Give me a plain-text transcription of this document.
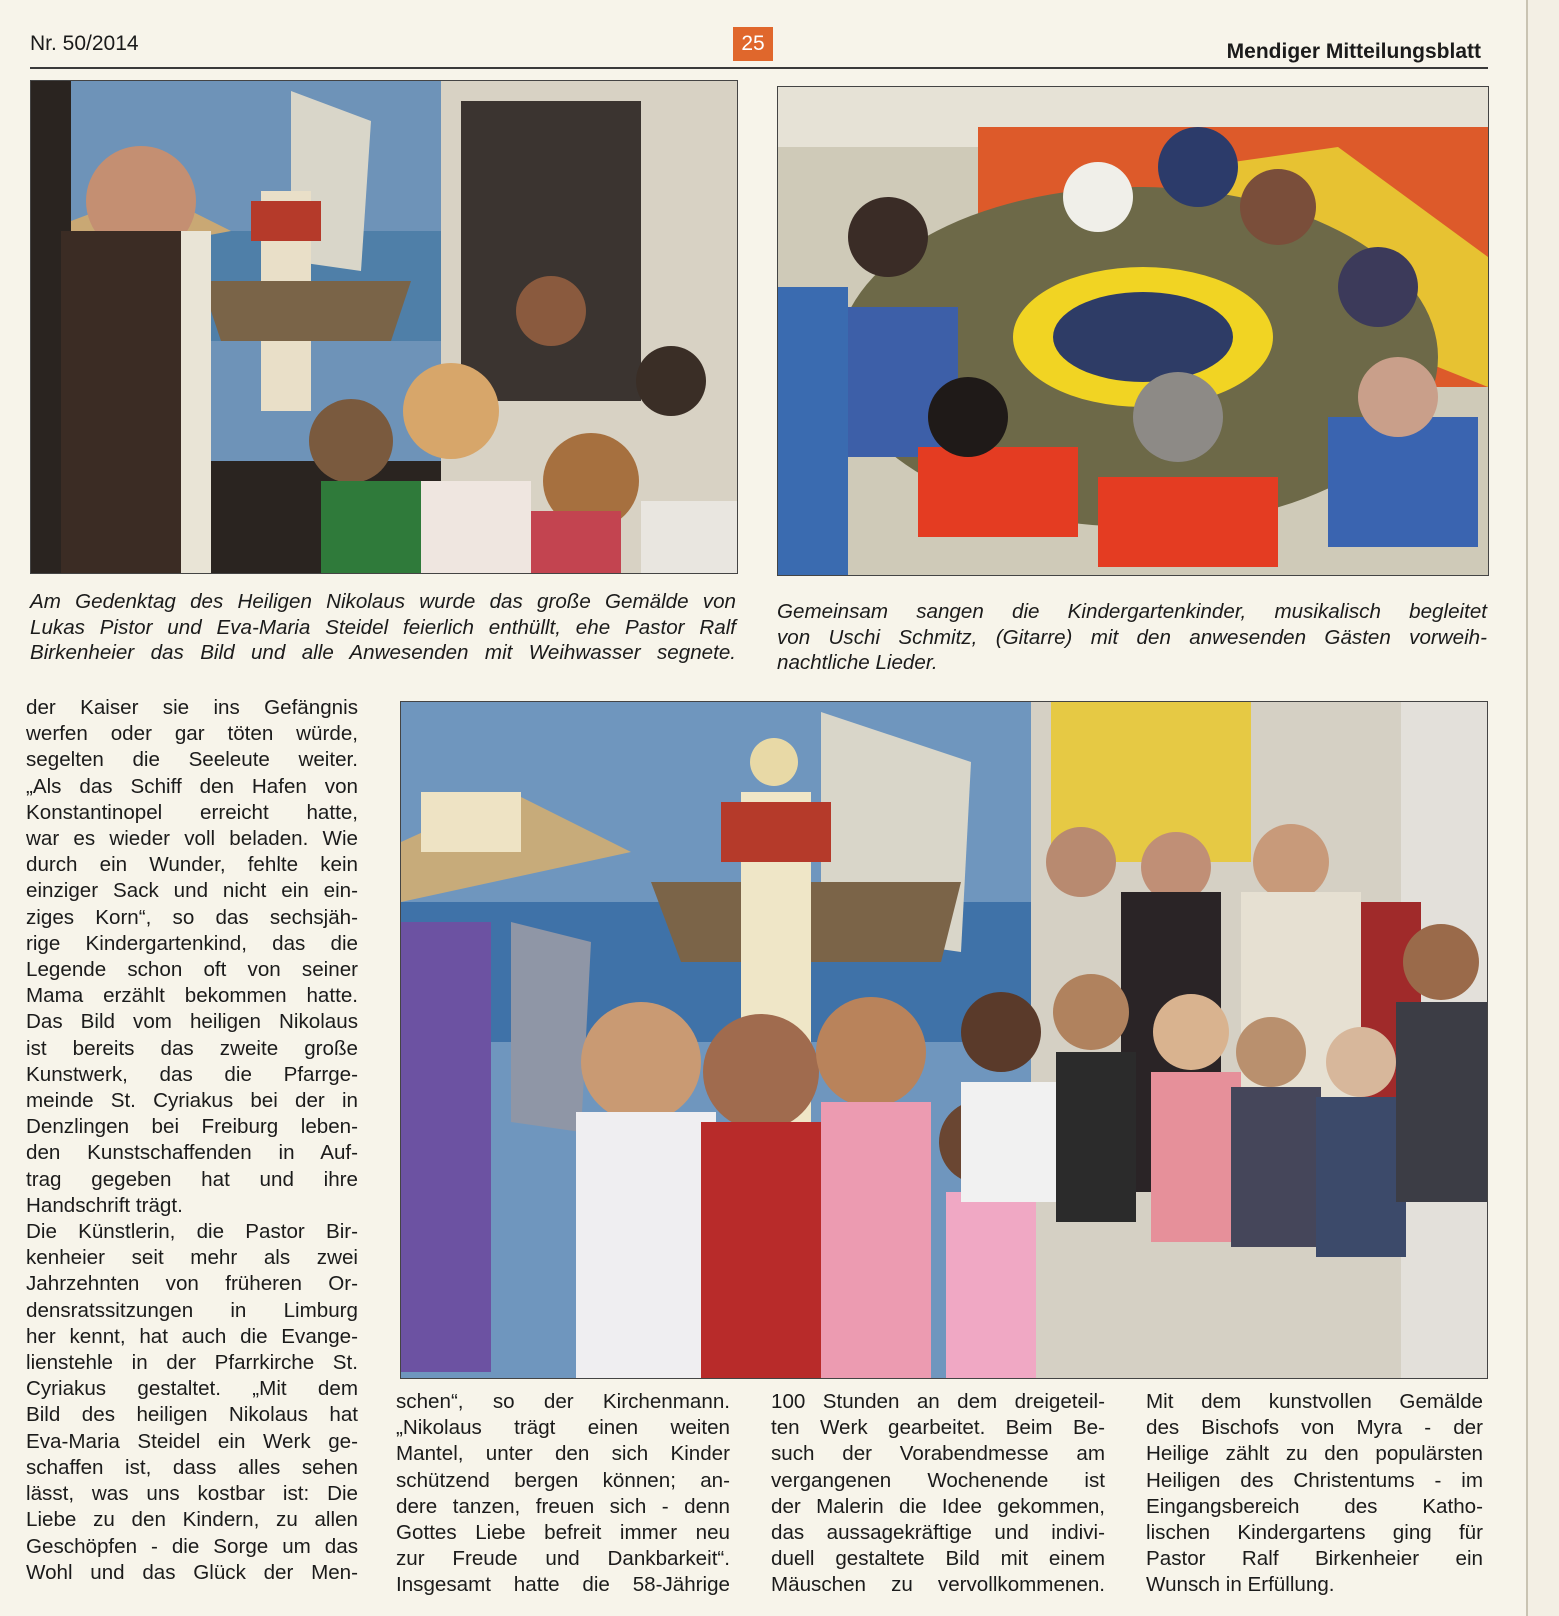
Nr. 50/2014	25	Mendiger Mitteilungsblatt
Am Gedenktag des Heiligen Nikolaus wurde das große Gemälde von
Lukas Pistor und Eva-Maria Steidel feierlich enthüllt, ehe Pastor Ralf
Birkenheier das Bild und alle Anwesenden mit Weihwasser segnete.
Gemeinsam sangen die Kindergartenkinder, musikalisch begleitet
von Uschi Schmitz, (Gitarre) mit den anwesenden Gästen vorweih-
nachtliche Lieder.
der Kaiser sie ins Gefängnis
werfen oder gar töten würde,
segelten die Seeleute weiter.
„Als das Schiff den Hafen von
Konstantinopel erreicht hatte,
war es wieder voll beladen. Wie
durch ein Wunder, fehlte kein
einziger Sack und nicht ein ein-
ziges Korn“, so das sechsjäh-
rige Kindergartenkind, das die
Legende schon oft von seiner
Mama erzählt bekommen hatte.
Das Bild vom heiligen Nikolaus
ist bereits das zweite große
Kunstwerk, das die Pfarrge-
meinde St. Cyriakus bei der in
Denzlingen bei Freiburg leben-
den Kunstschaffenden in Auf-
trag gegeben hat und ihre
Handschrift trägt.
Die Künstlerin, die Pastor Bir-
kenheier seit mehr als zwei
Jahrzehnten von früheren Or-
densratssitzungen in Limburg
her kennt, hat auch die Evange-
lienstehle in der Pfarrkirche St.
Cyriakus gestaltet. „Mit dem
Bild des heiligen Nikolaus hat
Eva-Maria Steidel ein Werk ge-
schaffen ist, dass alles sehen
lässt, was uns kostbar ist: Die
Liebe zu den Kindern, zu allen
Geschöpfen - die Sorge um das
Wohl und das Glück der Men-
schen“, so der Kirchenmann.
„Nikolaus trägt einen weiten
Mantel, unter den sich Kinder
schützend bergen können; an-
dere tanzen, freuen sich - denn
Gottes Liebe befreit immer neu
zur Freude und Dankbarkeit“.
Insgesamt hatte die 58-Jährige
100 Stunden an dem dreigeteil-
ten Werk gearbeitet. Beim Be-
such der Vorabendmesse am
vergangenen Wochenende ist
der Malerin die Idee gekommen,
das aussagekräftige und indivi-
duell gestaltete Bild mit einem
Mäuschen zu vervollkommenen.
Mit dem kunstvollen Gemälde
des Bischofs von Myra - der
Heilige zählt zu den populärsten
Heiligen des Christentums - im
Eingangsbereich des Katho-
lischen Kindergartens ging für
Pastor Ralf Birkenheier ein
Wunsch in Erfüllung.
